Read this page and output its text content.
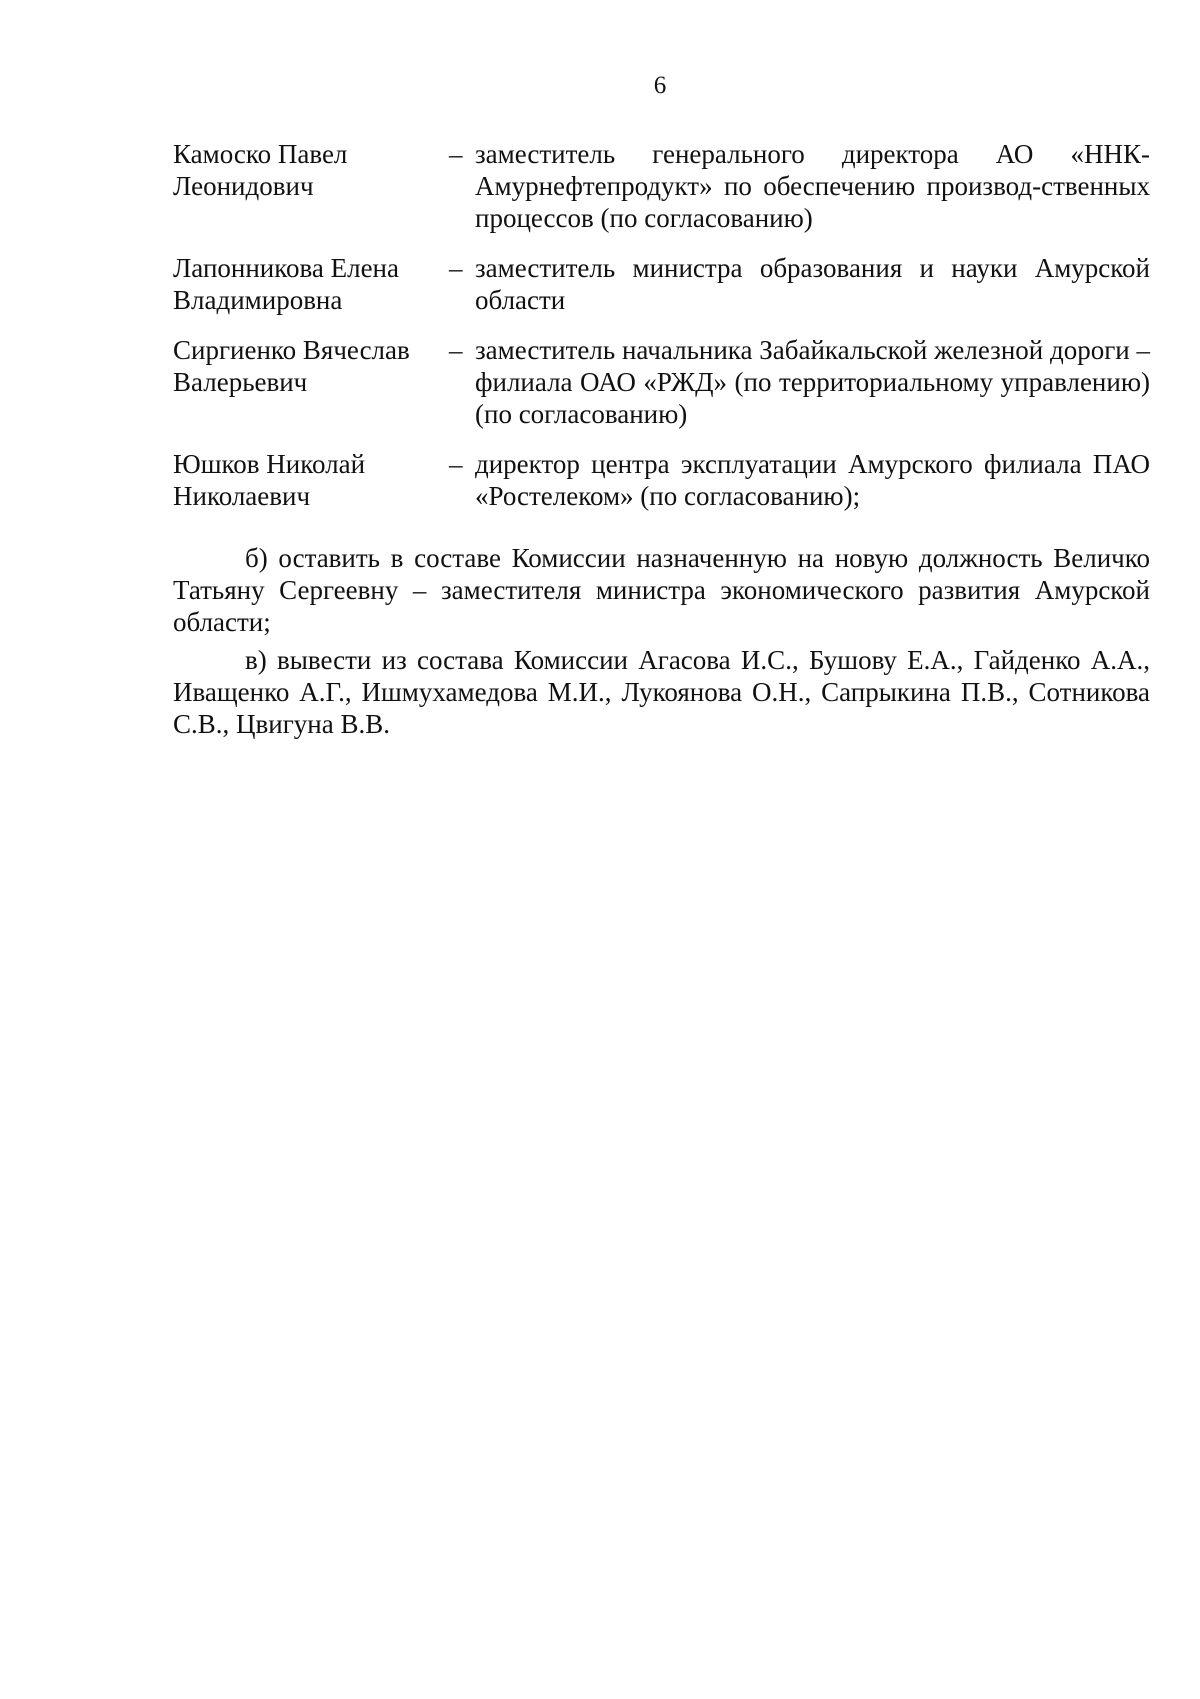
6
Камоско Павел
Леонидович
– заместитель генерального директора АО «ННК-Амурнефтепродукт» по обеспечению производ-ственных процессов (по согласованию)
Лапонникова Елена
Владимировна
– заместитель министра образования и науки Амурской области
Сиргиенко Вячеслав
Валерьевич
– заместитель начальника Забайкальской железной дороги – филиала ОАО «РЖД» (по территориальному управлению) (по согласованию)
Юшков Николай
Николаевич
– директор центра эксплуатации Амурского филиала ПАО «Ростелеком» (по согласованию);

б) оставить в составе Комиссии назначенную на новую должность Величко Татьяну Сергеевну – заместителя министра экономического развития Амурской области;

в) вывести из состава Комиссии Агасова И.С., Бушову Е.А., Гайденко А.А., Иващенко А.Г., Ишмухамедова М.И., Лукоянова О.Н., Сапрыкина П.В., Сотникова С.В., Цвигуна В.В.
